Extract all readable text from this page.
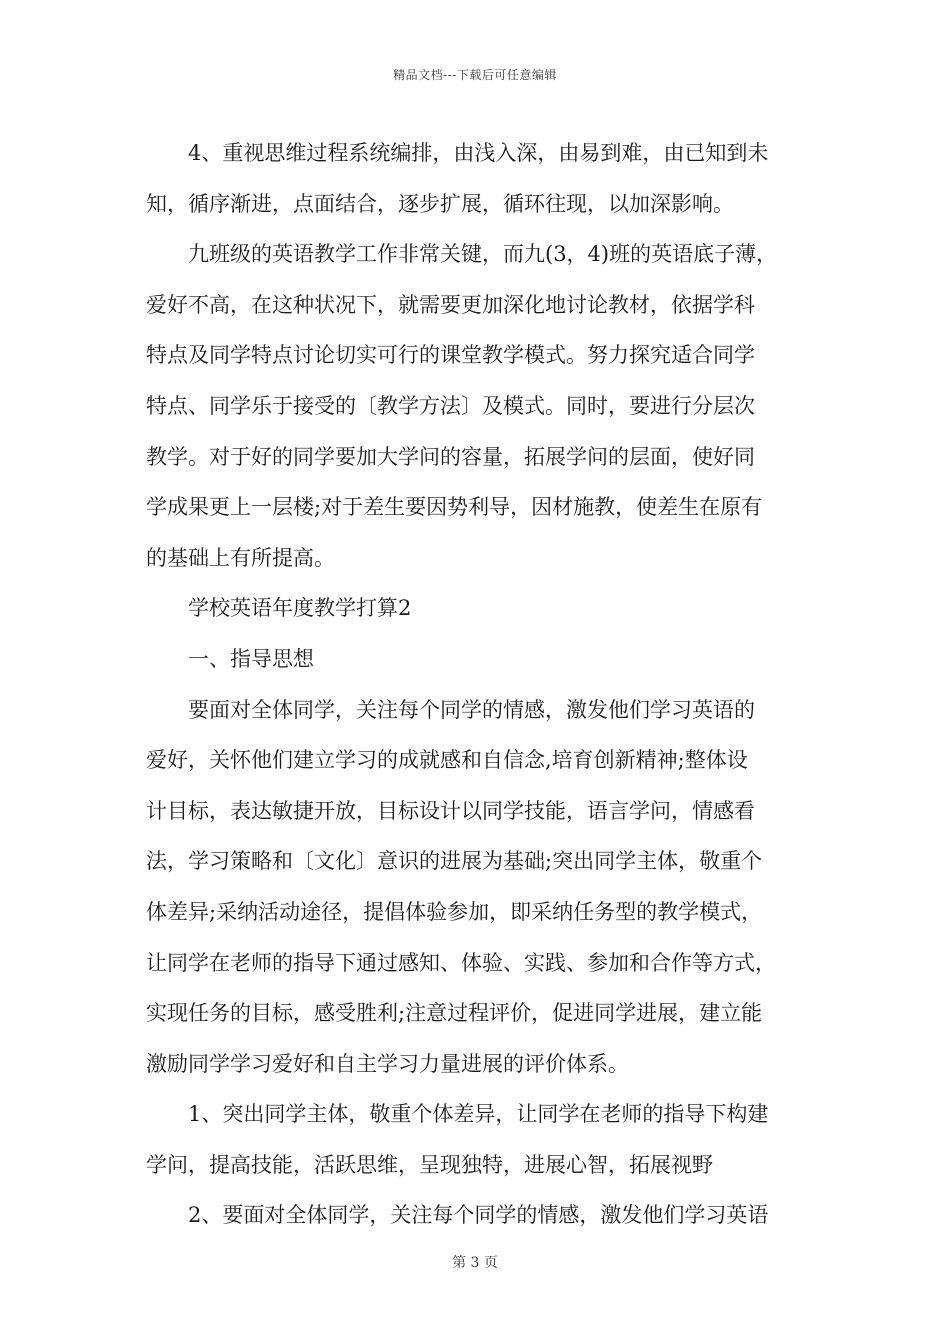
精品文档---下载后可任意编辑

4、重视思维过程系统编排，由浅入深，由易到难，由已知到未
知，循序渐进，点面结合，逐步扩展，循环往现，以加深影响。

九班级的英语教学工作非常关键，而九(3，4)班的英语底子薄，
爱好不高，在这种状况下，就需要更加深化地讨论教材，依据学科
特点及同学特点讨论切实可行的课堂教学模式。努力探究适合同学
特点、同学乐于接受的〔教学方法〕及模式。同时，要进行分层次
教学。对于好的同学要加大学问的容量，拓展学问的层面，使好同
学成果更上一层楼;对于差生要因势利导，因材施教，使差生在原有
的基础上有所提高。

学校英语年度教学打算2

一、指导思想

要面对全体同学，关注每个同学的情感，激发他们学习英语的
爱好，关怀他们建立学习的成就感和自信念,培育创新精神;整体设
计目标，表达敏捷开放，目标设计以同学技能，语言学问，情感看
法，学习策略和〔文化〕意识的进展为基础;突出同学主体，敬重个
体差异;采纳活动途径，提倡体验参加，即采纳任务型的教学模式，
让同学在老师的指导下通过感知、体验、实践、参加和合作等方式，
实现任务的目标，感受胜利;注意过程评价，促进同学进展，建立能
激励同学学习爱好和自主学习力量进展的评价体系。

1、突出同学主体，敬重个体差异，让同学在老师的指导下构建
学问，提高技能，活跃思维，呈现独特，进展心智，拓展视野

2、要面对全体同学，关注每个同学的情感，激发他们学习英语

第 3 页
